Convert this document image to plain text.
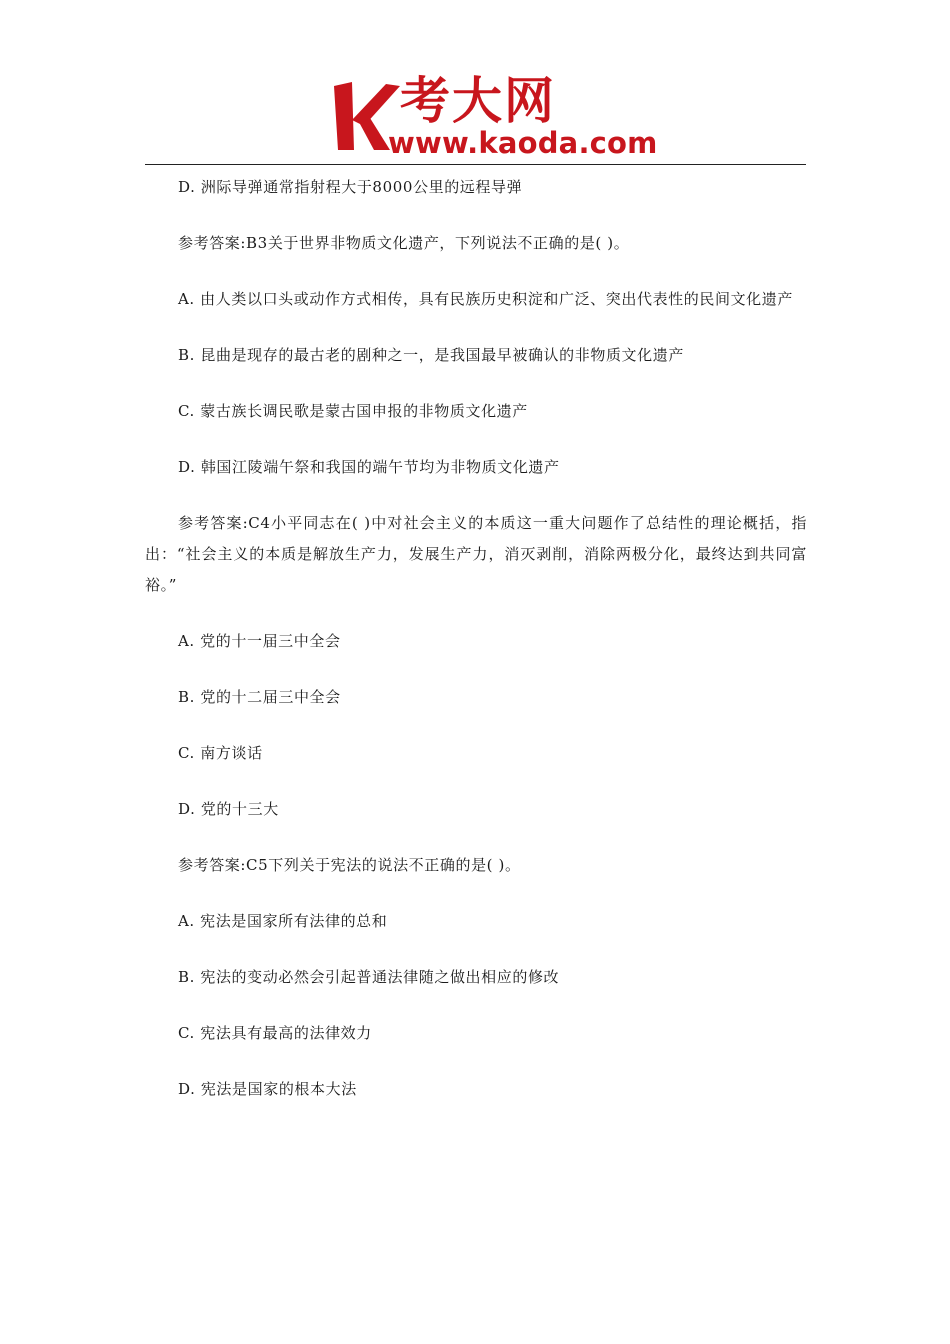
考大网
www.kaoda.com

D. 洲际导弹通常指射程大于8000公里的远程导弹

参考答案:B3关于世界非物质文化遗产，下列说法不正确的是( )。

A. 由人类以口头或动作方式相传，具有民族历史积淀和广泛、突出代表性的民间文化遗产

B. 昆曲是现存的最古老的剧种之一，是我国最早被确认的非物质文化遗产

C. 蒙古族长调民歌是蒙古国申报的非物质文化遗产

D. 韩国江陵端午祭和我国的端午节均为非物质文化遗产

参考答案:C4小平同志在( )中对社会主义的本质这一重大问题作了总结性的理论概括，指出：“社会主义的本质是解放生产力，发展生产力，消灭剥削，消除两极分化，最终达到共同富裕。”

A. 党的十一届三中全会

B. 党的十二届三中全会

C. 南方谈话

D. 党的十三大

参考答案:C5下列关于宪法的说法不正确的是( )。

A. 宪法是国家所有法律的总和

B. 宪法的变动必然会引起普通法律随之做出相应的修改

C. 宪法具有最高的法律效力

D. 宪法是国家的根本大法
